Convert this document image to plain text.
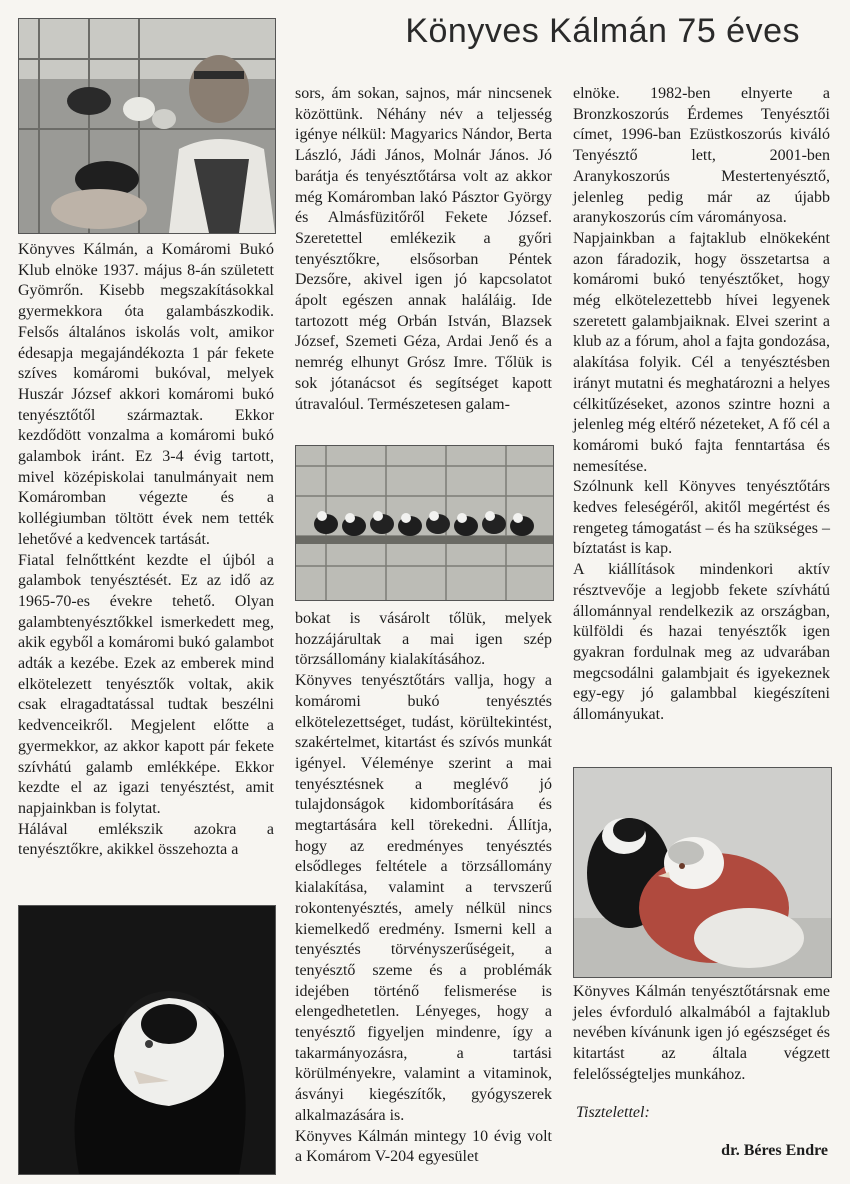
Könyves Kálmán 75 éves

Könyves Kálmán, a Komáromi Bukó Klub elnöke 1937. május 8-án született Gyömrőn. Kisebb megszakításokkal gyermekkora óta galambászkodik. Felsős általános iskolás volt, amikor édesapja megajándékozta 1 pár fekete szíves komáromi bukóval, melyek Huszár József akkori komáromi bukó tenyésztőtől származtak. Ekkor kezdődött vonzalma a komáromi bukó galambok iránt. Ez 3-4 évig tartott, mivel középiskolai tanulmányait nem Komáromban végezte és a kollégiumban töltött évek nem tették lehetővé a kedvencek tartását.

Fiatal felnőttként kezdte el újból a galambok tenyésztését. Ez az idő az 1965-70-es évekre tehető. Olyan galambtenyésztőkkel ismerkedett meg, akik egyből a komáromi bukó galambot adták a kezébe. Ezek az emberek mind elkötelezett tenyésztők voltak, akik csak elragadtatással tudtak beszélni kedvenceikről. Megjelent előtte a gyermekkor, az akkor kapott pár fekete szívhátú galamb emlékképe. Ekkor kezdte el az igazi tenyésztést, amit napjainkban is folytat.

Hálával emlékszik azokra a tenyésztőkre, akikkel összehozta a

sors, ám sokan, sajnos, már nincsenek közöttünk. Néhány név a teljesség igénye nélkül: Magyarics Nándor, Berta László, Jádi János, Molnár János. Jó barátja és tenyésztőtársa volt az akkor még Komáromban lakó Pásztor György és Almásfüzitőről Fekete József. Szeretettel emlékezik a győri tenyésztőkre, elsősorban Péntek Dezsőre, akivel igen jó kapcsolatot ápolt egészen annak haláláig. Ide tartozott még Orbán István, Blazsek József, Szemeti Géza, Ardai Jenő és a nemrég elhunyt Grósz Imre. Tőlük is sok jótanácsot és segítséget kapott útravalóul. Természetesen galam-

bokat is vásárolt tőlük, melyek hozzájárultak a mai igen szép törzsállomány kialakításához.

Könyves tenyésztőtárs vallja, hogy a komáromi bukó tenyésztés elkötelezettséget, tudást, körültekintést, szakértelmet, kitartást és szívós munkát igényel. Véleménye szerint a mai tenyésztésnek a meglévő jó tulajdonságok kidomborítására és megtartására kell törekedni. Állítja, hogy az eredményes tenyésztés elsődleges feltétele a törzsállomány kialakítása, valamint a tervszerű rokontenyésztés, amely nélkül nincs kiemelkedő eredmény. Ismerni kell a tenyésztés törvényszerűségeit, a tenyésztő szeme és a problémák idejében történő felismerése is elengedhetetlen. Lényeges, hogy a tenyésztő figyeljen mindenre, így a takarmányozásra, a tartási körülményekre, valamint a vitaminok, ásványi kiegészítők, gyógyszerek alkalmazására is.

Könyves Kálmán mintegy 10 évig volt a Komárom V-204 egyesület

elnöke. 1982-ben elnyerte a Bronzkoszorús Érdemes Tenyésztői címet, 1996-ban Ezüstkoszorús kiváló Tenyésztő lett, 2001-ben Aranykoszorús Mestertenyésztő, jelenleg pedig már az újabb aranykoszorús cím várományosa.

Napjainkban a fajtaklub elnökeként azon fáradozik, hogy összetartsa a komáromi bukó tenyésztőket, hogy még elkötelezettebb hívei legyenek szeretett galambjaiknak. Elvei szerint a klub az a fórum, ahol a fajta gondozása, alakítása folyik. Cél a tenyésztésben irányt mutatni és meghatározni a helyes célkitűzéseket, azonos szintre hozni a jelenleg még eltérő nézeteket, A fő cél a komáromi bukó fajta fenntartása és nemesítése.

Szólnunk kell Könyves tenyésztőtárs kedves feleségéről, akitől megértést és rengeteg támogatást – és ha szükséges – bíztatást is kap.

A kiállítások mindenkori aktív résztvevője a legjobb fekete szívhátú állománnyal rendelkezik az országban, külföldi és hazai tenyésztők igen gyakran fordulnak meg az udvarában megcsodálni galambjait és igyekeznek egy-egy jó galambbal kiegészíteni állományukat.

Könyves Kálmán tenyésztőtársnak eme jeles évforduló alkalmából a fajtaklub nevében kívánunk igen jó egészséget és kitartást az általa végzett felelősségteljes munkához.
Tisztelettel:
dr. Béres Endre
